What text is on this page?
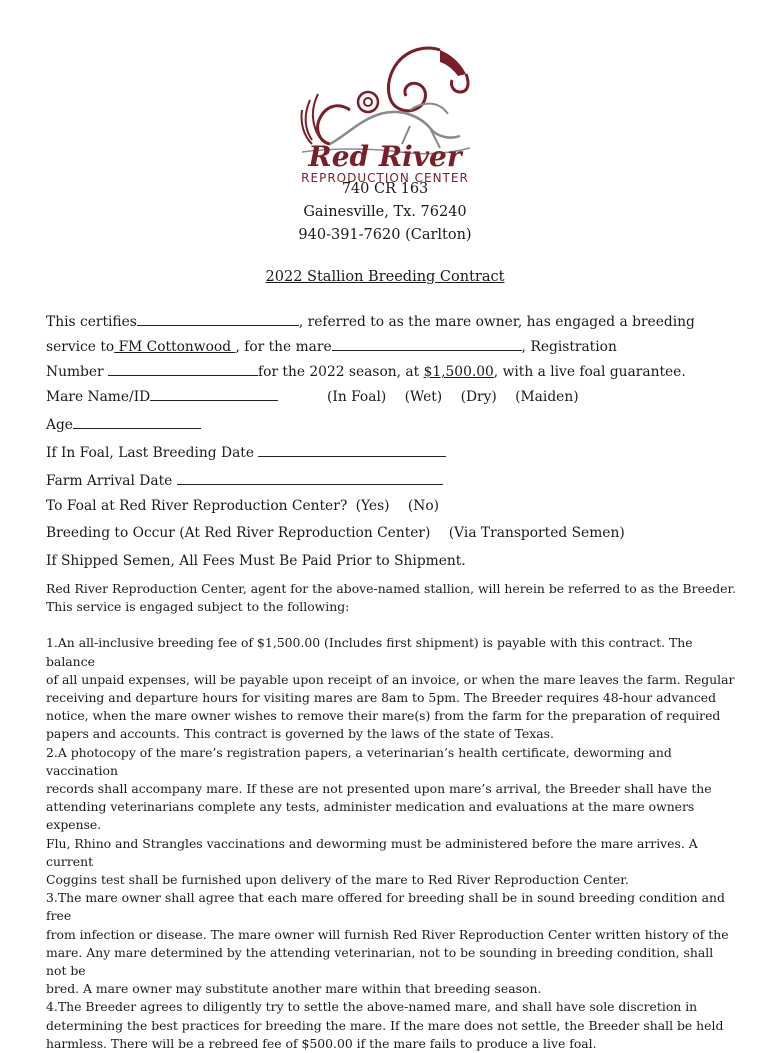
Red River
REPRODUCTION CENTER
740 CR 163
Gainesville, Tx. 76240
940-391-7620 (Carlton)
2022 Stallion Breeding Contract
This certifies	, referred to as the mare owner, has engaged a breeding
service to FM Cottonwood , for the mare	, Registration
Number	for the 2022 season, at $1,500.00, with a live foal guarantee.
Mare Name/ID	(In Foal) (Wet) (Dry) (Maiden)
Age
If In Foal, Last Breeding Date
Farm Arrival Date
To Foal at Red River Reproduction Center? (Yes) (No)
Breeding to Occur (At Red River Reproduction Center) (Via Transported Semen)
If Shipped Semen, All Fees Must Be Paid Prior to Shipment.

Red River Reproduction Center, agent for the above-named stallion, will herein be referred to as the Breeder.

This service is engaged subject to the following:

1.An all-inclusive breeding fee of $1,500.00 (Includes first shipment) is payable with this contract. The balance

of all unpaid expenses, will be payable upon receipt of an invoice, or when the mare leaves the farm. Regular

receiving and departure hours for visiting mares are 8am to 5pm. The Breeder requires 48-hour advanced

notice, when the mare owner wishes to remove their mare(s) from the farm for the preparation of required

papers and accounts. This contract is governed by the laws of the state of Texas.

2.A photocopy of the mare’s registration papers, a veterinarian’s health certificate, deworming and vaccination

records shall accompany mare. If these are not presented upon mare’s arrival, the Breeder shall have the

attending veterinarians complete any tests, administer medication and evaluations at the mare owners expense.

Flu, Rhino and Strangles vaccinations and deworming must be administered before the mare arrives. A current

Coggins test shall be furnished upon delivery of the mare to Red River Reproduction Center.

3.The mare owner shall agree that each mare offered for breeding shall be in sound breeding condition and free

from infection or disease. The mare owner will furnish Red River Reproduction Center written history of the

mare. Any mare determined by the attending veterinarian, not to be sounding in breeding condition, shall not be

bred. A mare owner may substitute another mare within that breeding season.

4.The Breeder agrees to diligently try to settle the above-named mare, and shall have sole discretion in

determining the best practices for breeding the mare. If the mare does not settle, the Breeder shall be held

harmless. There will be a rebreed fee of $500.00 if the mare fails to produce a live foal.
